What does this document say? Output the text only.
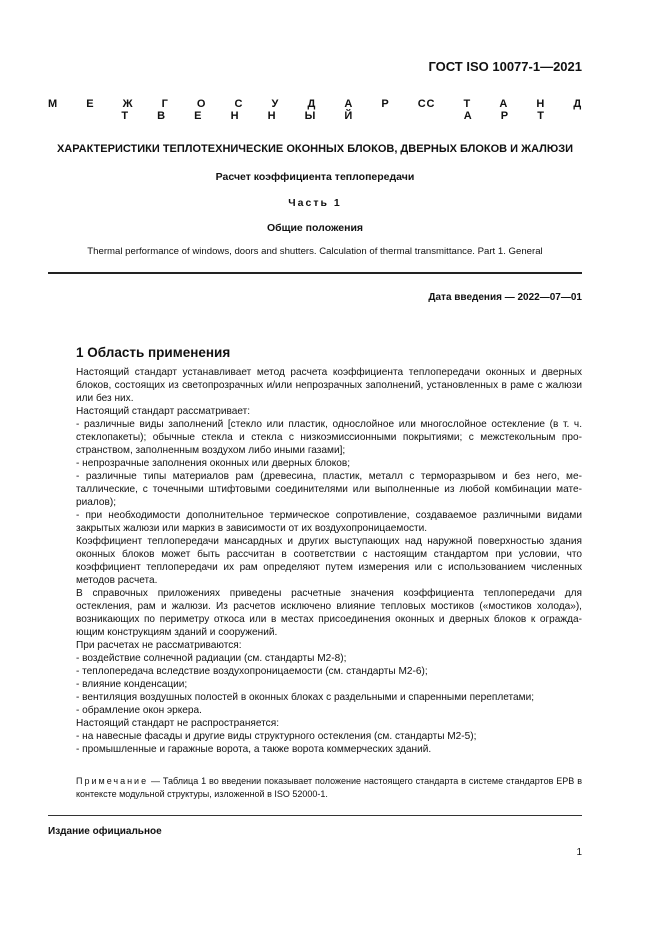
ГОСТ ISO 10077-1—2021
М Е Ж Г О С У Д А Р С Т В Е Н Н Ы Й
С Т А Н Д А Р Т
ХАРАКТЕРИСТИКИ ТЕПЛОТЕХНИЧЕСКИЕ ОКОННЫХ БЛОКОВ, ДВЕРНЫХ БЛОКОВ И ЖАЛЮЗИ
Расчет коэффициента теплопередачи
Часть 1
Общие положения
Thermal performance of windows, doors and shutters. Calculation of thermal transmittance. Part 1. General
Дата введения — 2022—07—01
1 Область применения

Настоящий стандарт устанавливает метод расчета коэффициента теплопередачи оконных и дверных блоков, состоящих из светопрозрачных и/или непрозрачных заполнений, установленных в раме с жалюзи или без них.

Настоящий стандарт рассматривает:

- различные виды заполнений [стекло или пластик, однослойное или многослойное остекление (в т. ч. стеклопакеты); обычные стекла и стекла с низкоэмиссионными покрытиями; с межстекольным пространством, заполненным воздухом либо иными газами];

- непрозрачные заполнения оконных или дверных блоков;

- различные типы материалов рам (древесина, пластик, металл с терморазрывом и без него, металлические, с точечными штифтовыми соединителями или выполненные из любой комбинации материалов);

- при необходимости дополнительное термическое сопротивление, создаваемое различными видами закрытых жалюзи или маркиз в зависимости от их воздухопроницаемости.

Коэффициент теплопередачи мансардных и других выступающих над наружной поверхностью здания оконных блоков может быть рассчитан в соответствии с настоящим стандартом при условии, что коэффициент теплопередачи их рам определяют путем измерения или с использованием численных методов расчета.

В справочных приложениях приведены расчетные значения коэффициента теплопередачи для остекления, рам и жалюзи. Из расчетов исключено влияние тепловых мостиков («мостиков холода»), возникающих по периметру откоса или в местах присоединения оконных и дверных блоков к ограждающим конструкциям зданий и сооружений.

При расчетах не рассматриваются:

- воздействие солнечной радиации (см. стандарты М2-8);

- теплопередача вследствие воздухопроницаемости (см. стандарты М2-6);

- влияние конденсации;

- вентиляция воздушных полостей в оконных блоках с раздельными и спаренными переплетами;

- обрамление окон эркера.

Настоящий стандарт не распространяется:

- на навесные фасады и другие виды структурного остекления (см. стандарты М2-5);

- промышленные и гаражные ворота, а также ворота коммерческих зданий.

Примечание — Таблица 1 во введении показывает положение настоящего стандарта в системе стандартов EPB в контексте модульной структуры, изложенной в ISO 52000-1.
Издание официальное
1
